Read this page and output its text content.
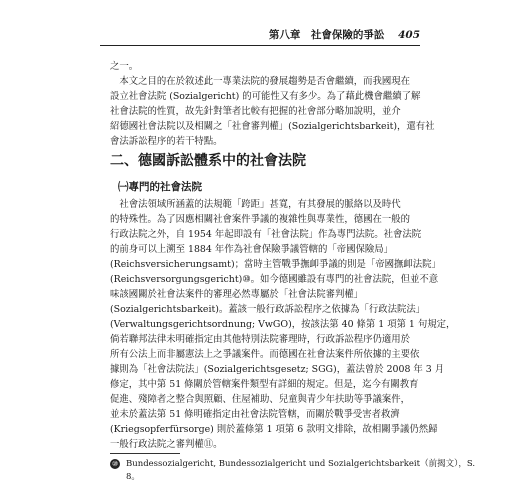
第八章　社會保險的爭訟 405
之一。
　本文之目的在於敘述此一專業法院的發展趨勢是否會繼續，而我國現在
設立社會法院 (Sozialgericht) 的可能性又有多少。為了藉此機會繼續了解
社會法院的性質，故先針對筆者比較有把握的社會部分略加說明，並介
紹德國社會法院以及相關之「社會審判權」(Sozialgerichtsbarkeit)，還有社
會法訴訟程序的若干特點。
二、德國訴訟體系中的社會法院
㈠專門的社會法院
　社會法領域所涵蓋的法規範「跨距」甚寬，有其發展的脈絡以及時代
的特殊性。為了因應相關社會案件爭議的複雜性與專業性，德國在一般的
行政法院之外，自 1954 年起即設有「社會法院」作為專門法院。社會法院
的前身可以上溯至 1884 年作為社會保險爭議管轄的「帝國保險局」
(Reichsversicherungsamt)；當時主管戰爭撫卹爭議的則是「帝國撫卹法院」
(Reichsversorgungsgericht)⑩。如今德國雖設有專門的社會法院，但並不意
味該國關於社會法案件的審理必然專屬於「社會法院審判權」
(Sozialgerichtsbarkeit)。蓋該一般行政訴訟程序之依據為「行政法院法」
(Verwaltungsgerichtsordnung; VwGO)，按該法第 40 條第 1 項第 1 句規定，
倘若聯邦法律未明確指定由其他特別法院審理時，行政訴訟程序仍適用於
所有公法上而非屬憲法上之爭議案件。而德國在社會法案件所依據的主要依
據則為「社會法院法」(Sozialgerichtsgesetz; SGG)，蓋法曾於 2008 年 3 月
修定，其中第 51 條關於管轄案件類型有詳細的規定。但是，迄今有關教育
促進、殘障者之整合與照顧、住屋補助、兒童與青少年扶助等爭議案件，
並未於蓋法第 51 條明確指定由社會法院管轄，而關於戰爭受害者救濟
(Kriegsopferfürsorge) 則於蓋條第 1 項第 6 款明文排除，故相關爭議仍然歸
一般行政法院之審判權⑪。
⑩ Bundessozialgericht, Bundessozialgericht und Sozialgerichtsbarkeit（前揭文），S.
8。
